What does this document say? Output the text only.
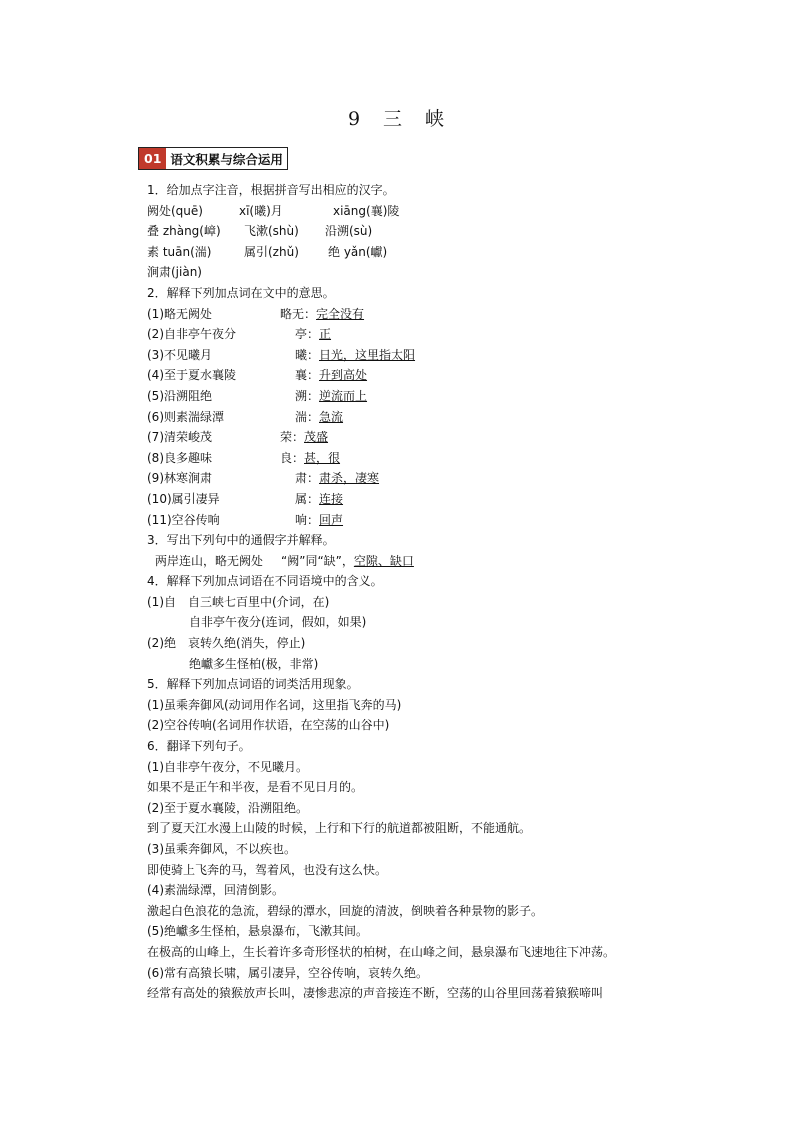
9　三　峡
01 语文积累与综合运用
1．给加点字注音，根据拼音写出相应的汉字。
阙处(quē)	xī(曦)月	xiāng(襄)陵
叠 zhàng(嶂) 飞漱(shù) 沿溯(sù)
素 tuān(湍)	属引(zhǔ) 绝 yǎn(巘)
涧肃(jiàn)
2．解释下列加点词在文中的意思。
(1)略无阙处	略无：完全没有
(2)自非亭午夜分	亭：正
(3)不见曦月	曦：日光，这里指太阳
(4)至于夏水襄陵	襄：升到高处
(5)沿溯阻绝	溯：逆流而上
(6)则素湍绿潭	湍：急流
(7)清荣峻茂	荣：茂盛
(8)良多趣味	良：甚，很
(9)林寒涧肃	肃：肃杀，凄寒
(10)属引凄异	属：连接
(11)空谷传响	响：回声
3．写出下列句中的通假字并解释。
两岸连山，略无阙处 “阙”同“缺”，空隙、缺口
4．解释下列加点词语在不同语境中的含义。
(1)自　自三峡七百里中(介词，在)
自非亭午夜分(连词，假如，如果)
(2)绝　哀转久绝(消失，停止)
绝巘多生怪柏(极，非常)
5．解释下列加点词语的词类活用现象。
(1)虽乘奔御风(动词用作名词，这里指飞奔的马)
(2)空谷传响(名词用作状语，在空荡的山谷中)
6．翻译下列句子。
(1)自非亭午夜分，不见曦月。
如果不是正午和半夜，是看不见日月的。
(2)至于夏水襄陵，沿溯阻绝。
到了夏天江水漫上山陵的时候，上行和下行的航道都被阻断，不能通航。
(3)虽乘奔御风，不以疾也。
即使骑上飞奔的马，驾着风，也没有这么快。
(4)素湍绿潭，回清倒影。
激起白色浪花的急流，碧绿的潭水，回旋的清波，倒映着各种景物的影子。
(5)绝巘多生怪柏，悬泉瀑布，飞漱其间。
在极高的山峰上，生长着许多奇形怪状的柏树，在山峰之间，悬泉瀑布飞速地往下冲荡。
(6)常有高猿长啸，属引凄异，空谷传响，哀转久绝。
经常有高处的猿猴放声长叫，凄惨悲凉的声音接连不断，空荡的山谷里回荡着猿猴啼叫
